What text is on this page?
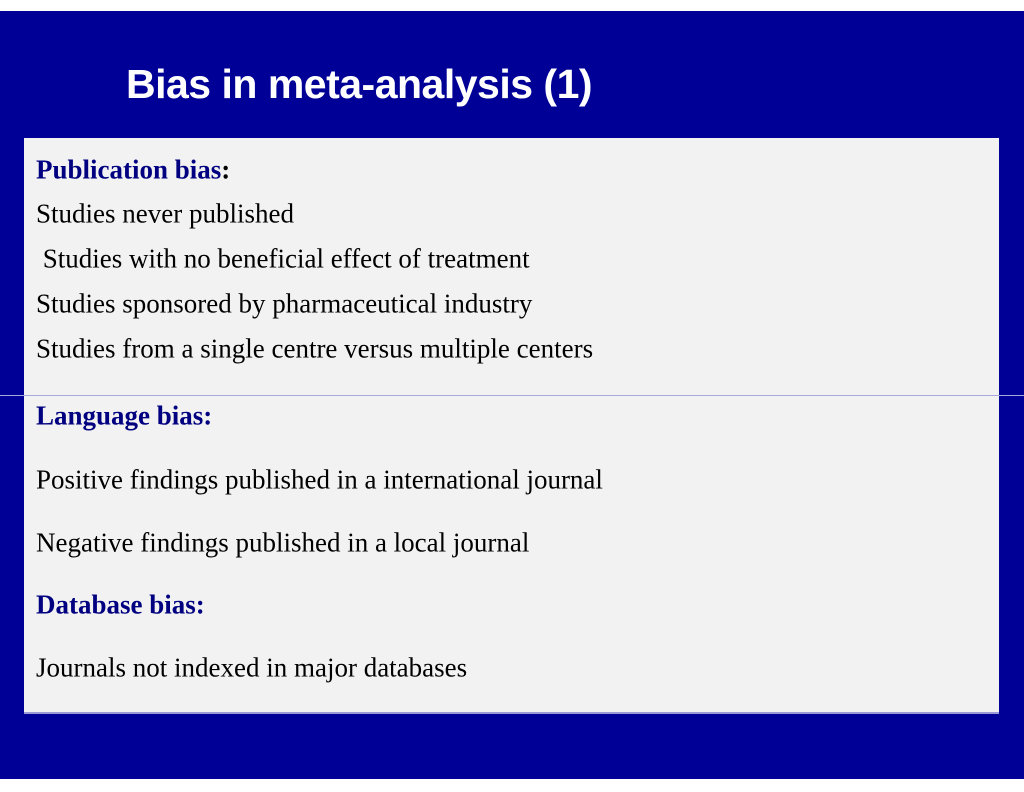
Bias in meta-analysis (1)
Publication bias:
Studies never published
Studies with no beneficial effect of treatment
Studies sponsored by pharmaceutical industry
Studies from a single centre versus multiple centers
Language bias:
Positive findings published in a international journal
Negative findings published in a local journal
Database bias:
Journals not indexed in major databases
